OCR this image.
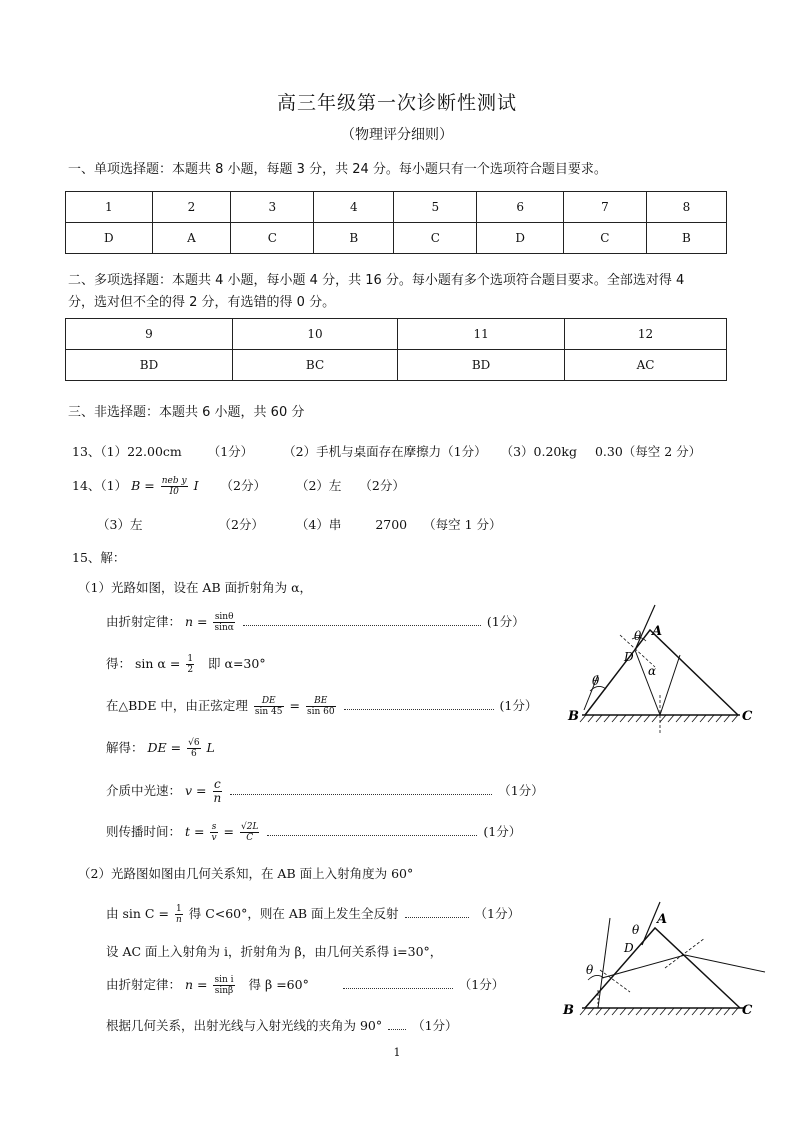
高三年级第一次诊断性测试
（物理评分细则）
一、单项选择题：本题共 8 小题，每题 3 分，共 24 分。每小题只有一个选项符合题目要求。
1	2	3	4	5	6	7	8
D	A	C	B	C	D	C	B
二、多项选择题：本题共 4 小题，每小题 4 分，共 16 分。每小题有多个选项符合题目要求。全部选对得 4
分，选对但不全的得 2 分，有选错的得 0 分。
9	10	11	12
BD	BC	BD	AC
三、非选择题：本题共 6 小题，共 60 分
13、（1）22.00cm （1分） （2）手机与桌面存在摩擦力（1分） （3）0.20kg 0.30（每空 2 分）
14、（1） $B = \frac{\text{neb y}}{I0}$ I （2分） （2）左 （2分）
（3）左	（2分）	（4）串	2700 （每空 1 分）
15、解：
（1）光路如图，设在 AB 面折射角为 α，
由折射定律： $n = \frac{\sin\theta}{\sin\alpha}$	(1分）
得： $\sin \alpha = \frac{1}{2}$ 即 α=30°
在△BDE 中，由正弦定理 $\frac{DE}{\sin 45} = \frac{BE}{\sin 60}$	(1分）
解得： DE = $\frac{√6}{6}$ L
介质中光速： $v = \frac{c}{n}$	（1分）
则传播时间： $t = \frac{s}{v} = \frac{√2L}{C}$	(1分）
（2）光路图如图由几何关系知，在 AB 面上入射角度为 60°
由 $\sin C = \frac{1}{n}$ 得 C<60°，则在 AB 面上发生全反射	（1分）
设 AC 面上入射角为 i，折射角为 β，由几何关系得 i=30°，
由折射定律： $n = \frac{\text{sin i}}{\sin\beta}$ 得 β =60°	（1分）
根据几何关系，出射光线与入射光线的夹角为 90° （1分）
A
B	C
D
θ
θ
α
A
B	C
D
θ
θ
1
